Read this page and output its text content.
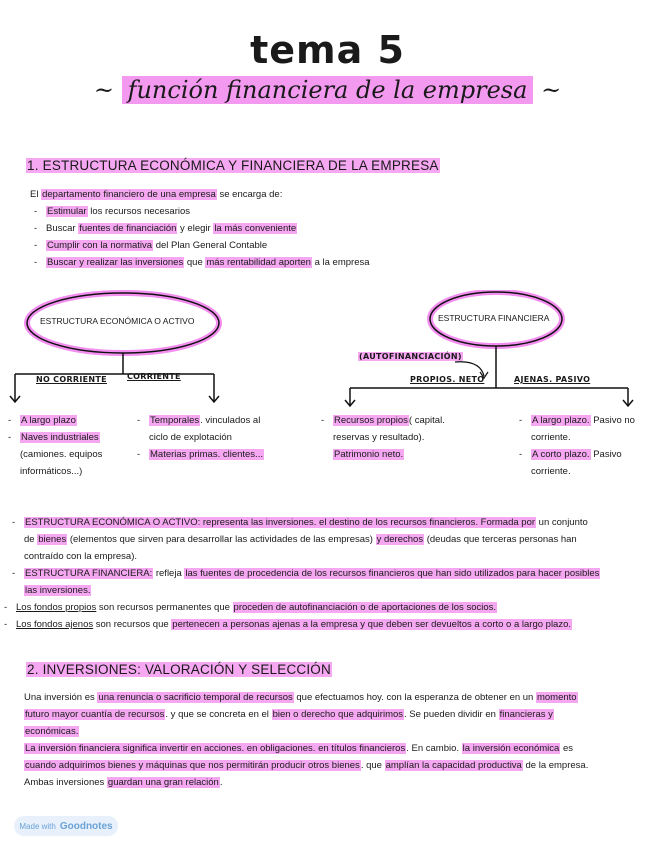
tema 5
~ función financiera de la empresa ~
1. ESTRUCTURA ECONÓMICA Y FINANCIERA DE LA EMPRESA
El departamento financiero de una empresa se encarga de:
- Estimular los recursos necesarios
- Buscar fuentes de financiación y elegir la más conveniente
- Cumplir con la normativa del Plan General Contable
- Buscar y realizar las inversiones que más rentabilidad aporten a la empresa
ESTRUCTURA ECONÓMICA O ACTIVO	ESTRUCTURA FINANCIERA
NO CORRIENTE	CORRIENTE
(AUTOFINANCIACIÓN)
PROPIOS. NETO	AJENAS. PASIVO
- A largo plazo
- Naves industriales
(camiones. equipos
informáticos...)
- Temporales. vinculados al
ciclo de explotación
- Materias primas. clientes...
- Recursos propios( capital.
reservas y resultado).
Patrimonio neto.
- A largo plazo. Pasivo no
corriente.
- A corto plazo. Pasivo
corriente.
- ESTRUCTURA ECONÓMICA O ACTIVO: representa las inversiones. el destino de los recursos financieros. Formada por un conjunto
de bienes (elementos que sirven para desarrollar las actividades de las empresas) y derechos (deudas que terceras personas han
contraído con la empresa).
- ESTRUCTURA FINANCIERA: refleja las fuentes de procedencia de los recursos financieros que han sido utilizados para hacer posibles
las inversiones.
- Los fondos propios son recursos permanentes que proceden de autofinanciación o de aportaciones de los socios.
- Los fondos ajenos son recursos que pertenecen a personas ajenas a la empresa y que deben ser devueltos a corto o a largo plazo.
2. INVERSIONES: VALORACIÓN Y SELECCIÓN
Una inversión es una renuncia o sacrificio temporal de recursos que efectuamos hoy. con la esperanza de obtener en un momento
futuro mayor cuantía de recursos. y que se concreta en el bien o derecho que adquirimos. Se pueden dividir en financieras y
económicas.
La inversión financiera significa invertir en acciones. en obligaciones. en títulos financieros. En cambio. la inversión económica es
cuando adquirimos bienes y máquinas que nos permitirán producir otros bienes. que amplían la capacidad productiva de la empresa.
Ambas inversiones guardan una gran relación.
Made with Goodnotes
